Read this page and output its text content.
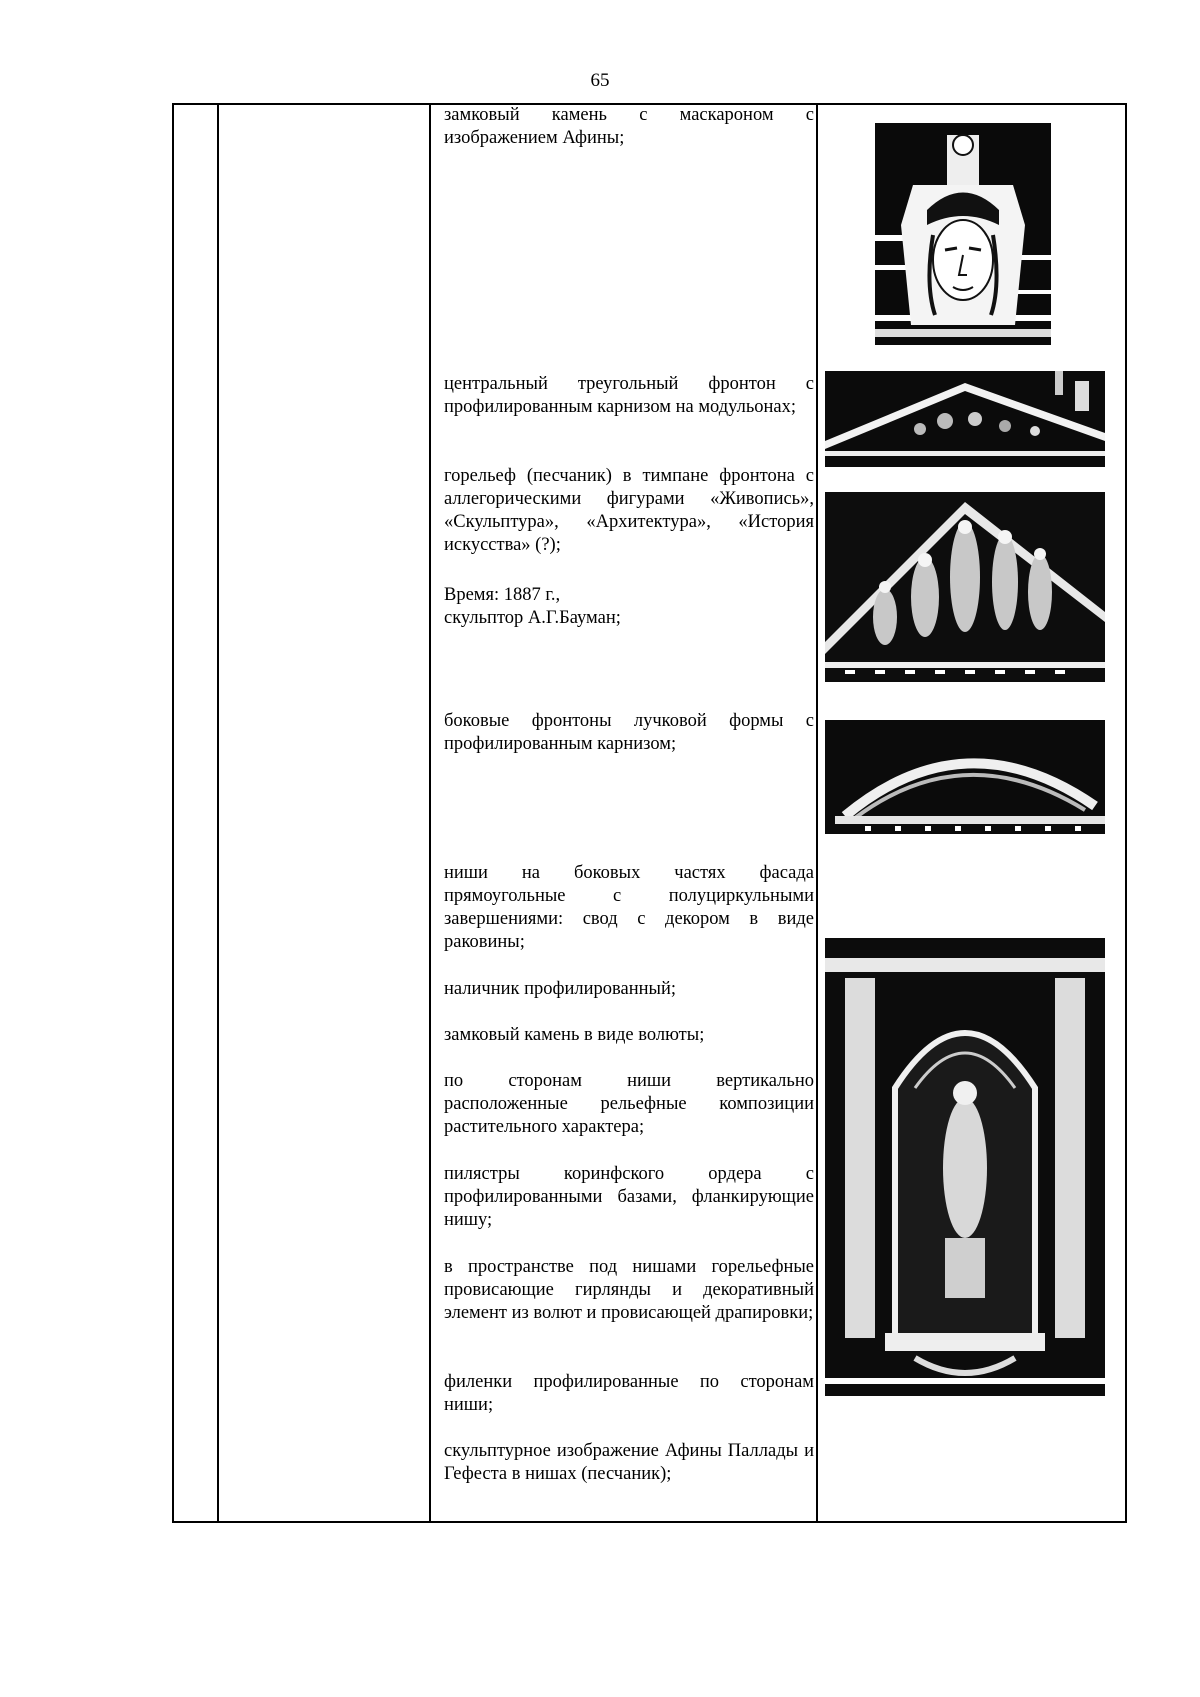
65

замковый камень с маскароном с изображением Афины;

центральный треугольный фронтон с профилированным карнизом на модульонах;

горельеф (песчаник) в тимпане фронтона с аллегорическими фигурами «Живопись», «Скульптура», «Архитектура», «История искусства» (?);

Время: 1887 г.,

скульптор А.Г.Бауман;

боковые фронтоны лучковой формы с профилированным карнизом;

ниши на боковых частях фасада прямоугольные с полуциркульными завершениями: свод с декором в виде раковины;

наличник профилированный;

замковый камень в виде волюты;

по сторонам ниши вертикально расположенные рельефные композиции растительного характера;

пилястры коринфского ордера с профилированными базами, фланкирующие нишу;

в пространстве под нишами горельефные провисающие гирлянды и декоративный элемент из волют и провисающей драпировки;

филенки профилированные по сторонам ниши;

скульптурное изображение Афины Паллады и Гефеста в нишах (песчаник);
